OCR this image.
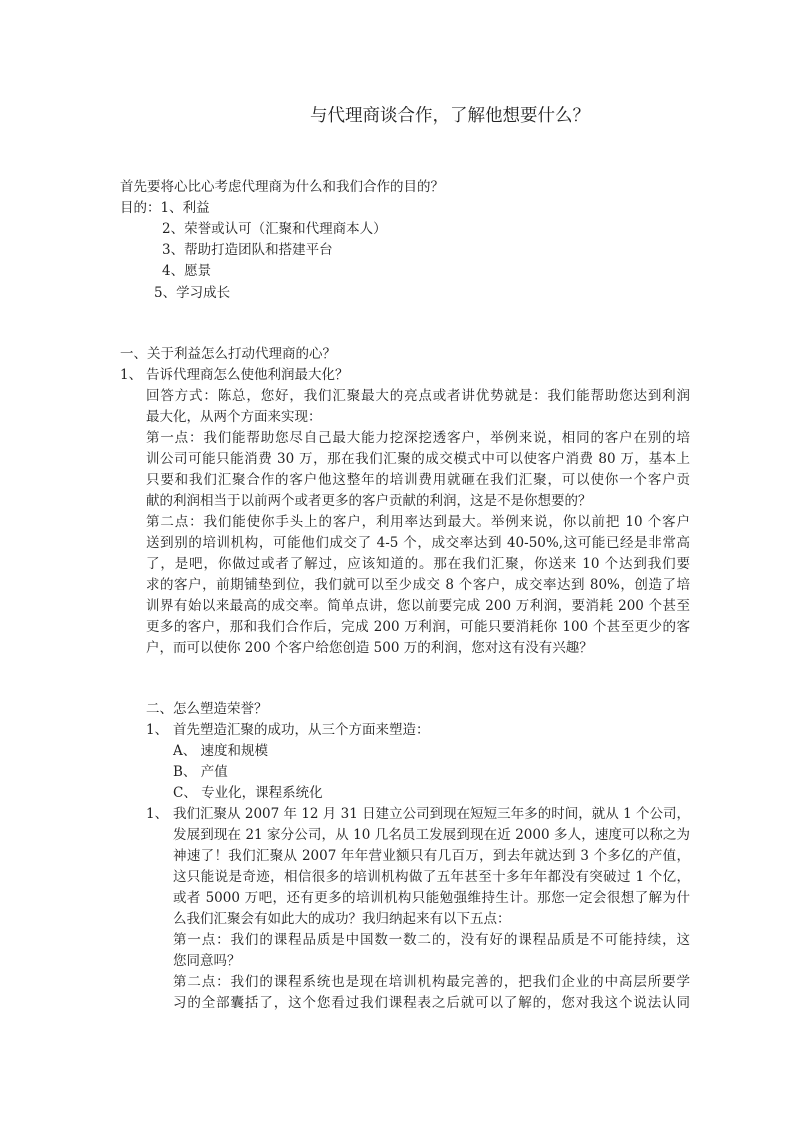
与代理商谈合作，了解他想要什么？
首先要将心比心考虑代理商为什么和我们合作的目的？
目的：1、利益
2、荣誉或认可（汇聚和代理商本人）
3、帮助打造团队和搭建平台
4、愿景
5、学习成长
一、关于利益怎么打动代理商的心？
1、 告诉代理商怎么使他利润最大化？
回答方式：陈总，您好，我们汇聚最大的亮点或者讲优势就是：我们能帮助您达到利润
最大化，从两个方面来实现：
第一点：我们能帮助您尽自己最大能力挖深挖透客户，举例来说，相同的客户在别的培
训公司可能只能消费 30 万，那在我们汇聚的成交模式中可以使客户消费 80 万，基本上
只要和我们汇聚合作的客户他这整年的培训费用就砸在我们汇聚，可以使你一个客户贡
献的利润相当于以前两个或者更多的客户贡献的利润，这是不是你想要的？
第二点：我们能使你手头上的客户，利用率达到最大。举例来说，你以前把 10 个客户
送到别的培训机构，可能他们成交了 4-5 个，成交率达到 40-50%,这可能已经是非常高
了，是吧，你做过或者了解过，应该知道的。那在我们汇聚，你送来 10 个达到我们要
求的客户，前期铺垫到位，我们就可以至少成交 8 个客户，成交率达到 80%，创造了培
训界有始以来最高的成交率。简单点讲，您以前要完成 200 万利润，要消耗 200 个甚至
更多的客户，那和我们合作后，完成 200 万利润，可能只要消耗你 100 个甚至更少的客
户，而可以使你 200 个客户给您创造 500 万的利润，您对这有没有兴趣？
二、怎么塑造荣誉？
1、 首先塑造汇聚的成功，从三个方面来塑造：
A、 速度和规模
B、 产值
C、 专业化，课程系统化
1、 我们汇聚从 2007 年 12 月 31 日建立公司到现在短短三年多的时间，就从 1 个公司，
发展到现在 21 家分公司，从 10 几名员工发展到现在近 2000 多人，速度可以称之为
神速了！我们汇聚从 2007 年年营业额只有几百万，到去年就达到 3 个多亿的产值，
这只能说是奇迹，相信很多的培训机构做了五年甚至十多年年都没有突破过 1 个亿，
或者 5000 万吧，还有更多的培训机构只能勉强维持生计。那您一定会很想了解为什
么我们汇聚会有如此大的成功？我归纳起来有以下五点：
第一点：我们的课程品质是中国数一数二的，没有好的课程品质是不可能持续，这
您同意吗？
第二点：我们的课程系统也是现在培训机构最完善的，把我们企业的中高层所要学
习的全部囊括了，这个您看过我们课程表之后就可以了解的，您对我这个说法认同
